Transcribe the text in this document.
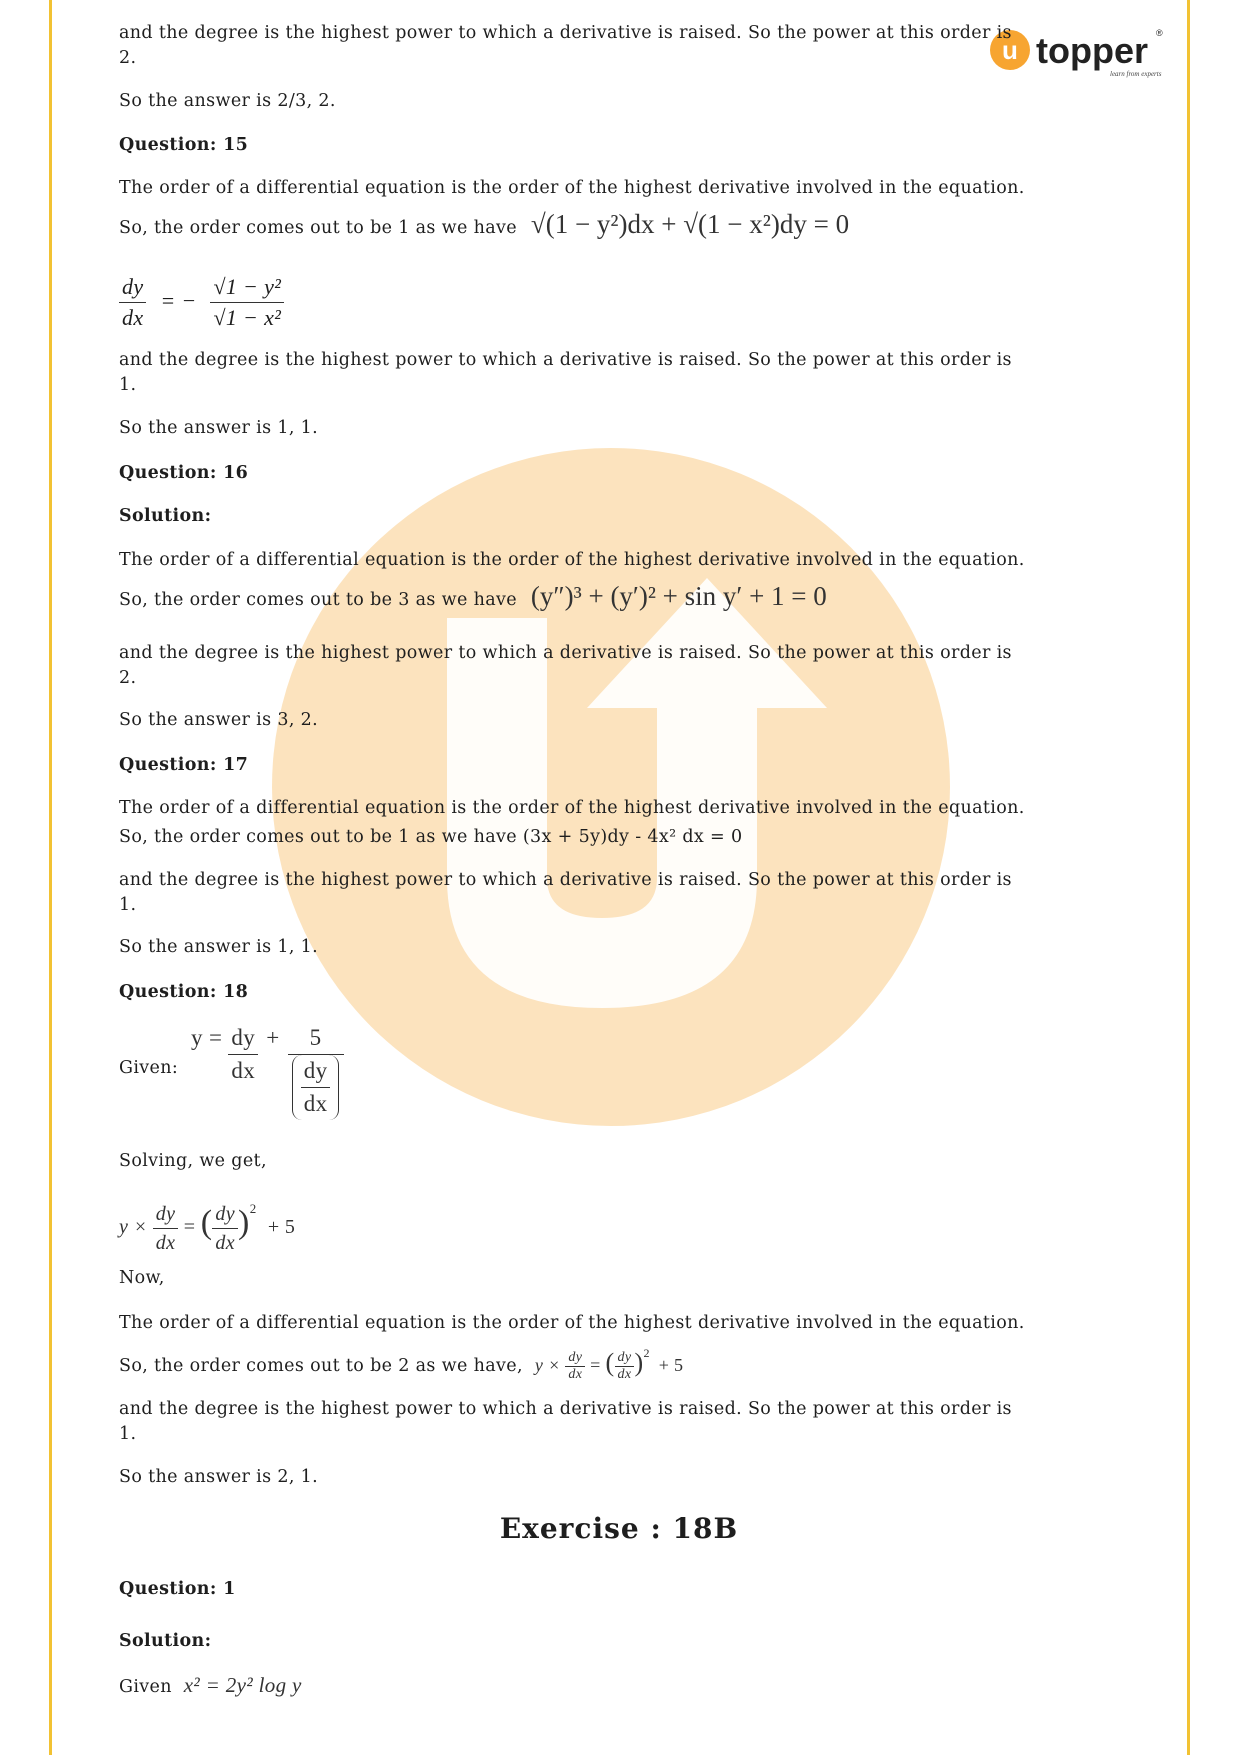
u topper
learn from experts
®
and the degree is the highest power to which a derivative is raised. So the power at this order is
2.
So the answer is 2/3, 2.
Question: 15
The order of a differential equation is the order of the highest derivative involved in the equation.
So, the order comes out to be 1 as we have √(1 − y²)dx + √(1 − x²)dy = 0
$\frac{dy}{dx}$ = − $\frac{\text{√1 − y²}}{\text{√1 − x²}}$
and the degree is the highest power to which a derivative is raised. So the power at this order is
1.
So the answer is 1, 1.
Question: 16
Solution:
The order of a differential equation is the order of the highest derivative involved in the equation.
So, the order comes out to be 3 as we have (y″)³ + (y′)² + sin y′ + 1 = 0
and the degree is the highest power to which a derivative is raised. So the power at this order is
2.
So the answer is 3, 2.
Question: 17
The order of a differential equation is the order of the highest derivative involved in the equation.
So, the order comes out to be 1 as we have (3x + 5y)dy - 4x² dx = 0
and the degree is the highest power to which a derivative is raised. So the power at this order is
1.
So the answer is 1, 1.
Question: 18
Given:
$y = \frac{dy}{dx} + \frac{5}{\frac{dy}{dx}}$
Solving, we get,
$y \times \frac{dy}{dx}$ = ( $\frac{dy}{dx} )^2 + 5$
Now,
The order of a differential equation is the order of the highest derivative involved in the equation.
So, the order comes out to be 2 as we have, $y \times \frac{dy}{dx}$ = ( $\frac{dy}{dx} )^2 + 5$
and the degree is the highest power to which a derivative is raised. So the power at this order is
1.
So the answer is 2, 1.
Exercise : 18B
Question: 1
Solution:
Given x² = 2y² log y
